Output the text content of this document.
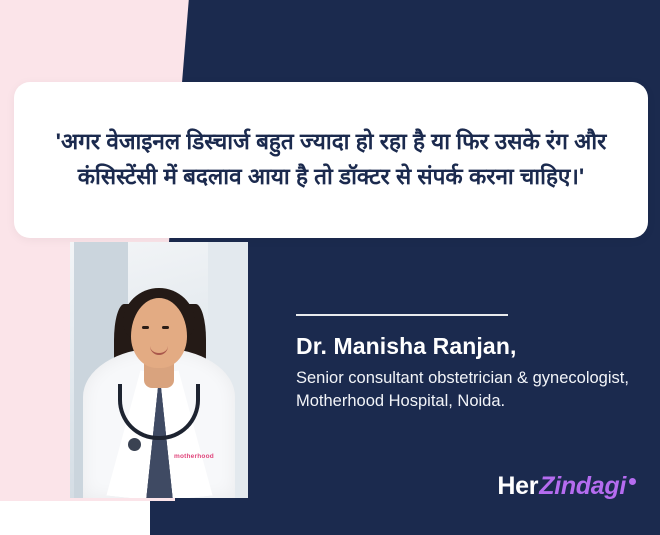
'अगर वेजाइनल डिस्चार्ज बहुत ज्यादा हो रहा है या फिर उसके रंग और कंसिस्टेंसी में बदलाव आया है तो डॉक्टर से संपर्क करना चाहिए।'
motherhood
Dr. Manisha Ranjan,
Senior consultant obstetrician & gynecologist, Motherhood Hospital, Noida.
Her Zindagi
